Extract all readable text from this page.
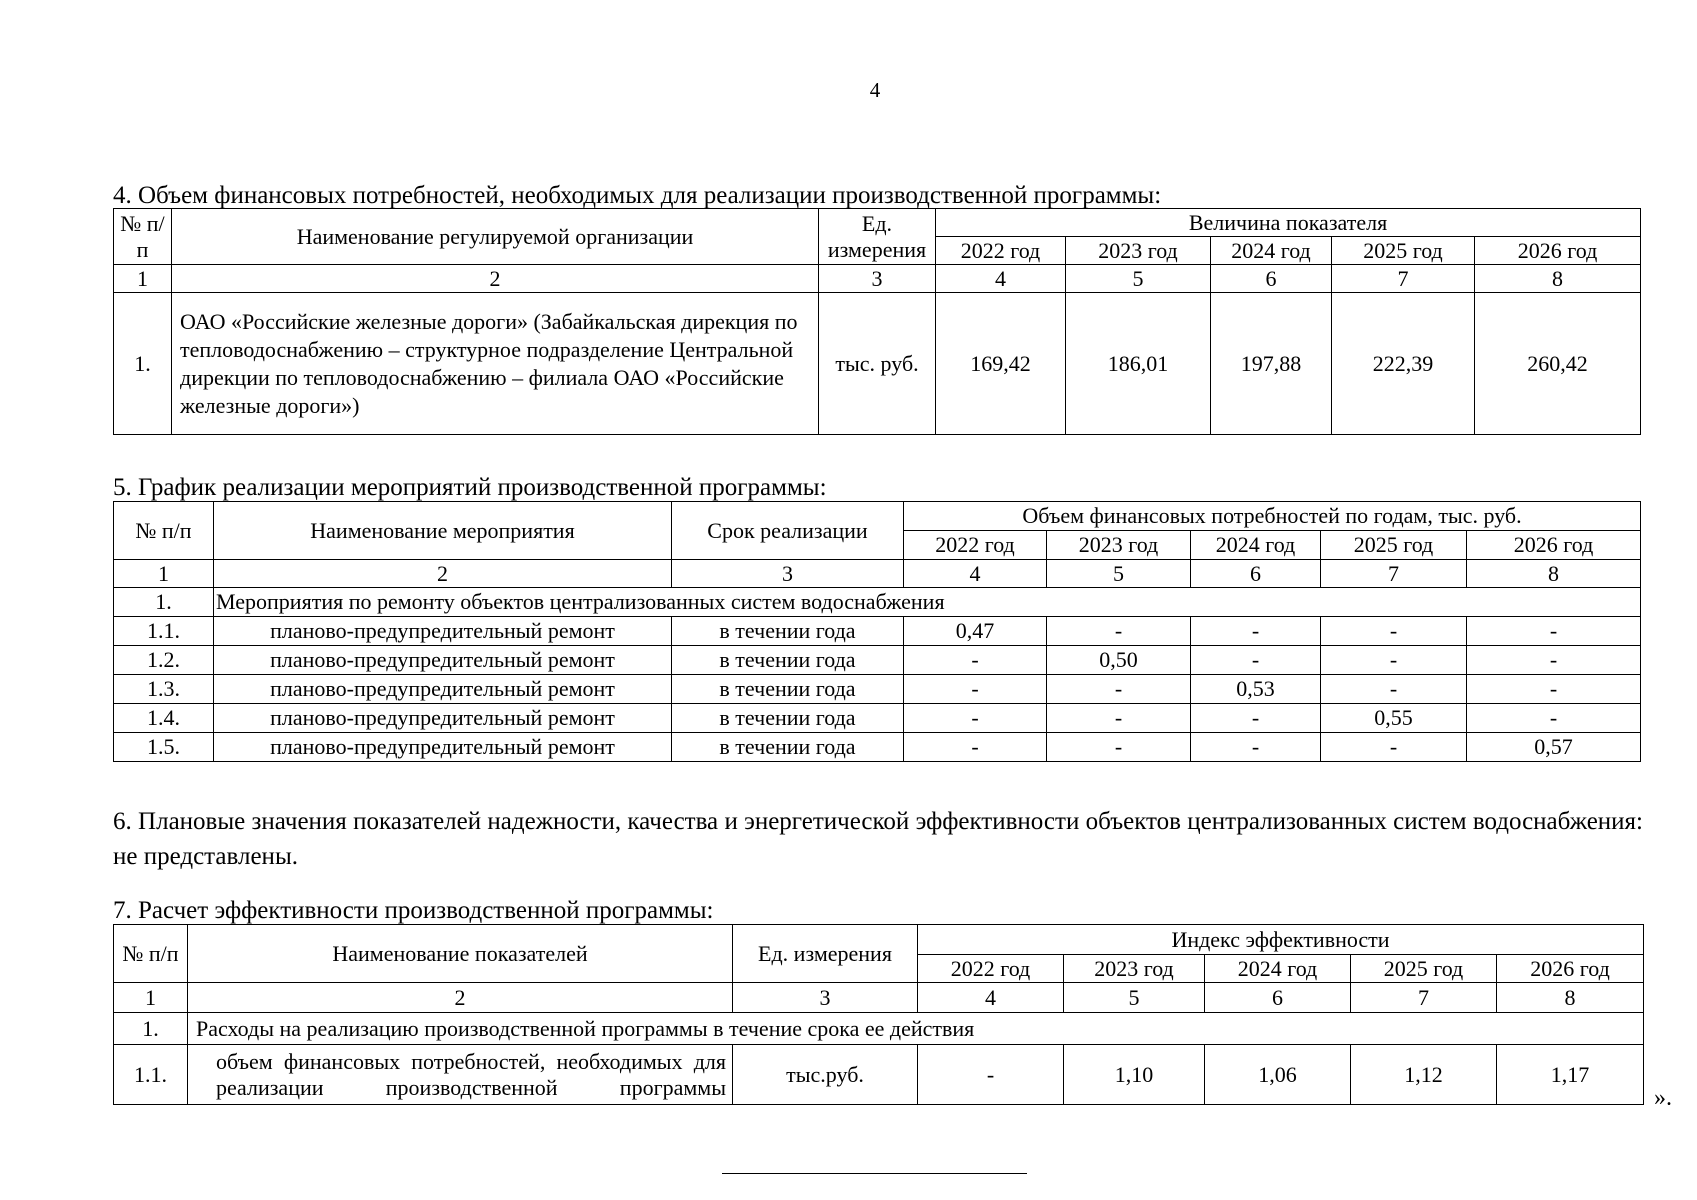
4
4. Объем финансовых потребностей, необходимых для реализации производственной программы:
№ п/п	Наименование регулируемой организации	Ед. измерения	Величина показателя				
			2022 год	2023 год	2024 год	2025 год	2026 год
1	2	3	4	5	6	7	8
1.	ОАО «Российские железные дороги» (Забайкальская дирекция по тепловодоснабжению – структурное подразделение Центральной дирекции по тепловодоснабжению – филиала ОАО «Российские железные дороги»)	тыс. руб.	169,42	186,01	197,88	222,39	260,42
5. График реализации мероприятий производственной программы:
№ п/п	Наименование мероприятия	Срок реализации	Объем финансовых потребностей по годам, тыс. руб.				
			2022 год	2023 год	2024 год	2025 год	2026 год
1	2	3	4	5	6	7	8
1.	Мероприятия по ремонту объектов централизованных систем водоснабжения						
1.1.	планово-предупредительный ремонт	в течении года	0,47	-	-	-	-
1.2.	планово-предупредительный ремонт	в течении года	-	0,50	-	-	-
1.3.	планово-предупредительный ремонт	в течении года	-	-	0,53	-	-
1.4.	планово-предупредительный ремонт	в течении года	-	-	-	0,55	-
1.5.	планово-предупредительный ремонт	в течении года	-	-	-	-	0,57
6. Плановые значения показателей надежности, качества и энергетической эффективности объектов централизованных систем водоснабжения: не представлены.
7. Расчет эффективности производственной программы:
№ п/п	Наименование показателей	Ед. измерения	Индекс эффективности				
			2022 год	2023 год	2024 год	2025 год	2026 год
1	2	3	4	5	6	7	8
1.	Расходы на реализацию производственной программы в течение срока ее действия						
1.1.	объем финансовых потребностей, необходимых для реализации производственной программы	тыс.руб.	-	1,10	1,06	1,12	1,17
».
